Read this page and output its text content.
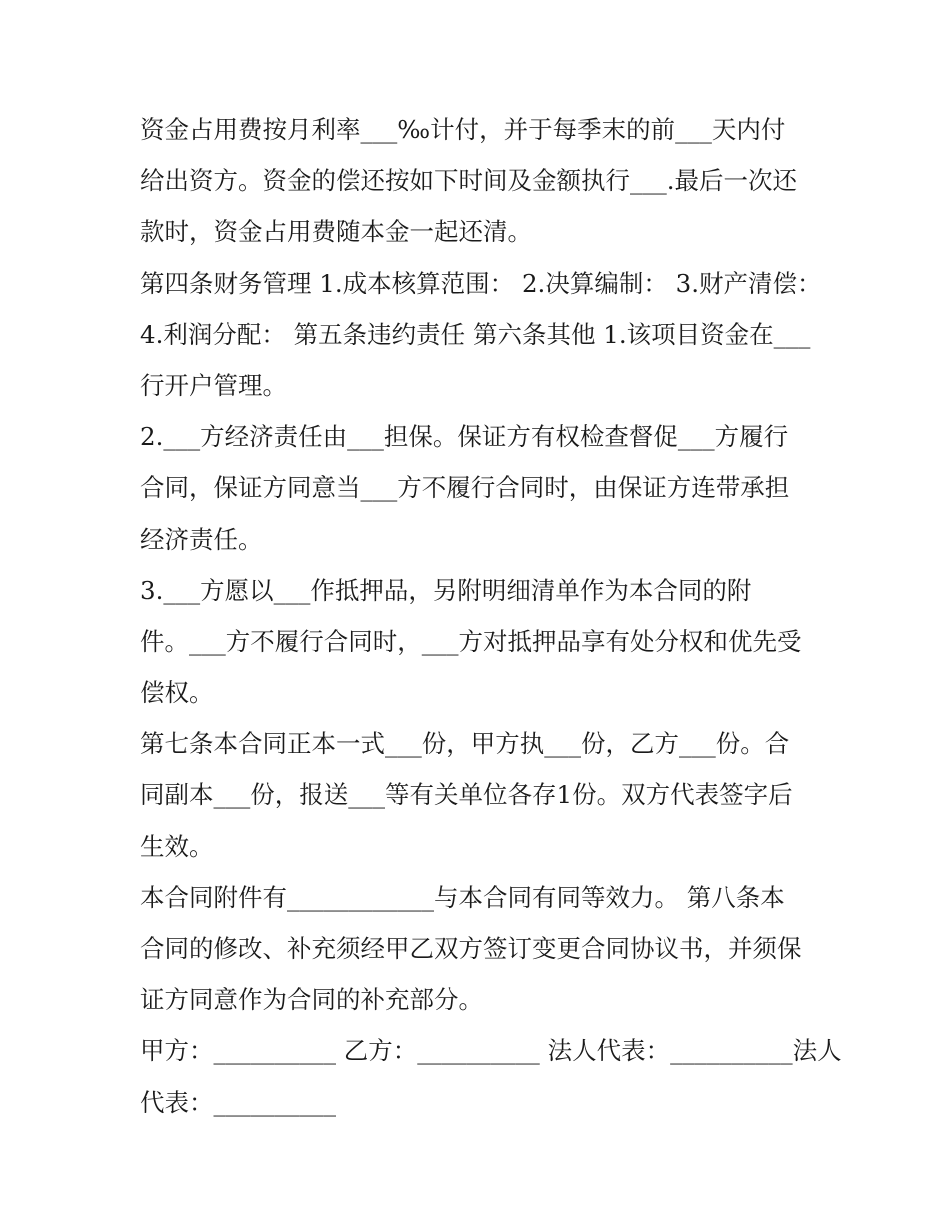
资金占用费按月利率___‰计付，并于每季末的前___天内付
给出资方。资金的偿还按如下时间及金额执行___.最后一次还
款时，资金占用费随本金一起还清。
第四条财务管理 1.成本核算范围： 2.决算编制： 3.财产清偿：
4.利润分配： 第五条违约责任 第六条其他 1.该项目资金在___
行开户管理。
2.___方经济责任由___担保。保证方有权检查督促___方履行
合同，保证方同意当___方不履行合同时，由保证方连带承担
经济责任。
3.___方愿以___作抵押品，另附明细清单作为本合同的附
件。___方不履行合同时，___方对抵押品享有处分权和优先受
偿权。
第七条本合同正本一式___份，甲方执___份，乙方___份。合
同副本___份，报送___等有关单位各存1份。双方代表签字后
生效。
本合同附件有____________与本合同有同等效力。 第八条本
合同的修改、补充须经甲乙双方签订变更合同协议书，并须保
证方同意作为合同的补充部分。
甲方：__________ 乙方：__________ 法人代表：__________法人
代表：__________
